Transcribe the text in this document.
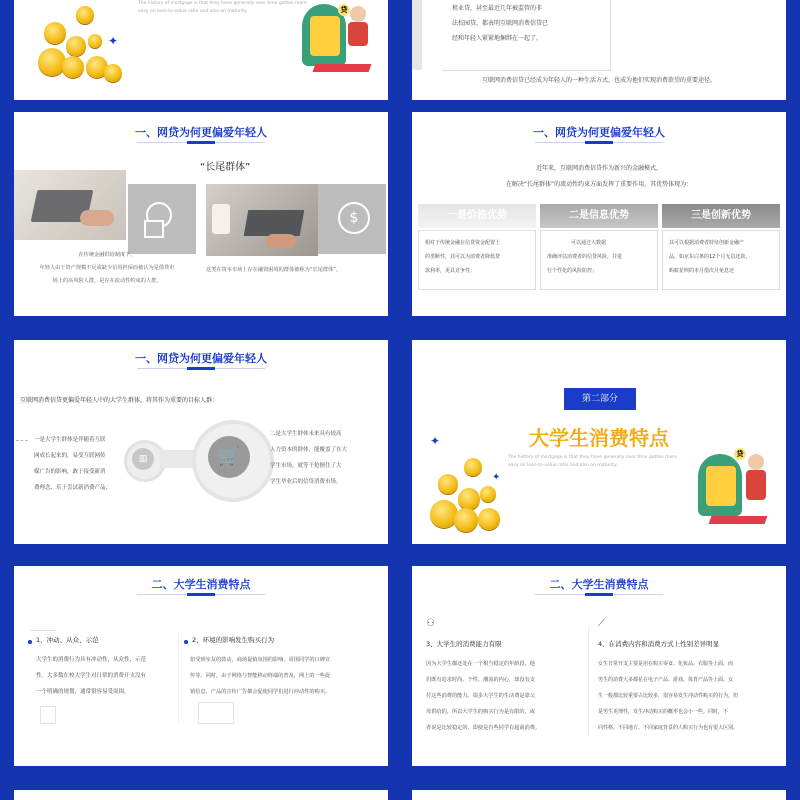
✦
The history of mortgage is that they have generally over time gotten more easy on loan-to-value ratio and also on maturity.	贷	租业贷，甚至最近几年被监管的非
法校园贷，都表明互联网消费信贷已
经和年轻人紧紧地捆绑在一起了。
互联网消费信贷已经成为年轻人的一种生活方式，也成为他们实现消费欲望的重要途径。
一、网贷为何更偏爱年轻人
“长尾群体”
$
在传统金融供给制度下，
年轻人由于资产规模不足或缺少信用担保而被认为是借贷市
场上的高风险人群，是存在流动性约束的人群。
这类在资本市场上存在融资困境的群体被称为“长尾群体”。
一、网贷为何更偏爱年轻人
近年来，互联网消费信贷作为新兴的金融模式，
在解决“长尾群体”的流动性约束方面发挥了重要作用，其优势体现为：
一是价格优势
相对于传统金融在信贷资金配置上
的垄断性，其可以为消费者降低贷
款利率，更具竞争性；
二是信息优势
可以通过大数据
准确评估消费者的信贷风险，并进
行个性化的风险防控；
三是创新优势
其可以根据消费者特征创新金融产
品，如京东白条的12个月无息还款，
蚂蚁花呗的本月借次月免息还
一、网贷为何更偏爱年轻人
互联网消费信贷更偏爱年轻人中的大学生群体，将其作为重要的目标人群：
一是大学生群体是伴随着互联
网成长起来的，易受互联网传
媒广告的影响，敢于接受新消
费理念、乐于尝试新消费产品；
▥	🛒
二是大学生群体未来具有较高
人力资本的群体，能覆盖了在大
学生市场，就等于抢擅住了大
学生毕业后的信贷消费市场。
第二部分
大学生消费特点
The history of mortgage is that they have generally over time gotten more easy on loan-to-value ratio and also on maturity.
✦
✦
贷
二、大学生消费特点
1、冲动、从众、示范
大学生的消费行为具有冲动性，从众性，示范
性。大多数在校大学生对日常的消费开支没有
一个明确的规划，通常很容易受周围。
2、环境的影响发生购买行为
如受到室友的鼓动，商场促销氛围的影响，周围同学的口碑宣
传等。同时，由于网络与智能移动终端的普及，网上的一些促
销信息、产品的宣传广告都会促使同学们进行冲动性的购买。
二、大学生消费特点
⚇
3、大学生的消费能力有限
因为大学生都还处在一个相当稳定的年龄段，他
们既有追求时尚、个性、潮流的内心，却没有支
付这些消费的能力。很多大学生的生活费是靠父
母供给的，所以大学生的购买行为是有限的，或
者说是比较稳定的，即使是有些同学有超前消费。
⟋
4、在消费内容和消费方式上性别差异明显
女生日常开支主要是用在购买零食、化妆品、衣服等上面，而
男生的消费大多都花在电子产品、游戏、体育产品等上面。女
生一般都比较重要占比较多，很容易发生冲动性购买的行为，但
是男生更理性，发生冲动购买的概率也会小一些。同时，不
同性格、不同地方、不同家庭背景的人购买行为也有很大区别。
